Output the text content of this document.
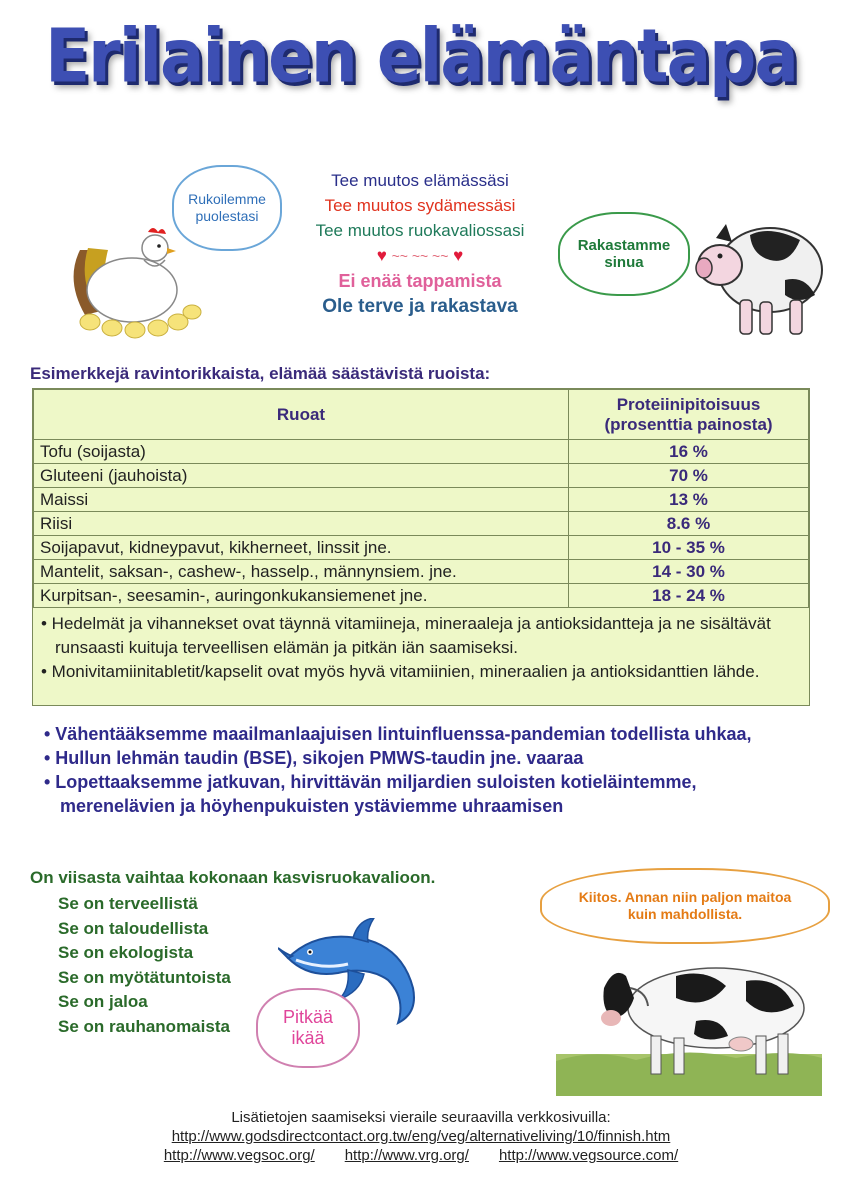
Erilainen elämäntapa
Rukoilemme
puolestasi
Tee muutos elämässäsi
Tee muutos sydämessäsi
Tee muutos ruokavaliossasi
♥ ~~ ~~ ~~ ♥
Ei enää tappamista
Ole terve ja rakastava
Rakastamme
sinua
Esimerkkejä ravintorikkaista, elämää säästävistä ruoista:
Ruoat	Proteiinipitoisuus
(prosenttia painosta)

Tofu (soijasta)	16 %
Gluteeni (jauhoista)	70 %
Maissi	13 %
Riisi	8.6 %
Soijapavut, kidneypavut, kikherneet, linssit jne.	10 - 35 %
Mantelit, saksan-, cashew-, hasselp., männynsiem. jne.	14 - 30 %
Kurpitsan-, seesamin-, auringonkukansiemenet jne.	18 - 24 %

• Hedelmät ja vihannekset ovat täynnä vitamiineja, mineraaleja ja antioksidantteja ja ne sisältävät runsaasti kuituja terveellisen elämän ja pitkän iän saamiseksi.

• Monivitamiinitabletit/kapselit ovat myös hyvä vitamiinien, mineraalien ja antioksidanttien lähde.

• Vähentääksemme maailmanlaajuisen lintuinfluenssa-pandemian todellista uhkaa,

• Hullun lehmän taudin (BSE), sikojen PMWS-taudin jne. vaaraa

• Lopettaaksemme jatkuvan, hirvittävän miljardien suloisten kotieläintemme, merenelävien ja höyhenpukuisten ystäviemme uhraamisen

On viisasta vaihtaa kokonaan kasvisruokavalioon.
Se on terveellistä
Se on taloudellista
Se on ekologista
Se on myötätuntoista
Se on jaloa
Se on rauhanomaista	Pitkää
ikää
Kiitos. Annan niin paljon maitoa
kuin mahdollista.
Lisätietojen saamiseksi vieraile seuraavilla verkkosivuilla:
http://www.godsdirectcontact.org.tw/eng/veg/alternativeliving/10/finnish.htm
http://www.vegsoc.org/ http://www.vrg.org/ http://www.vegsource.com/
